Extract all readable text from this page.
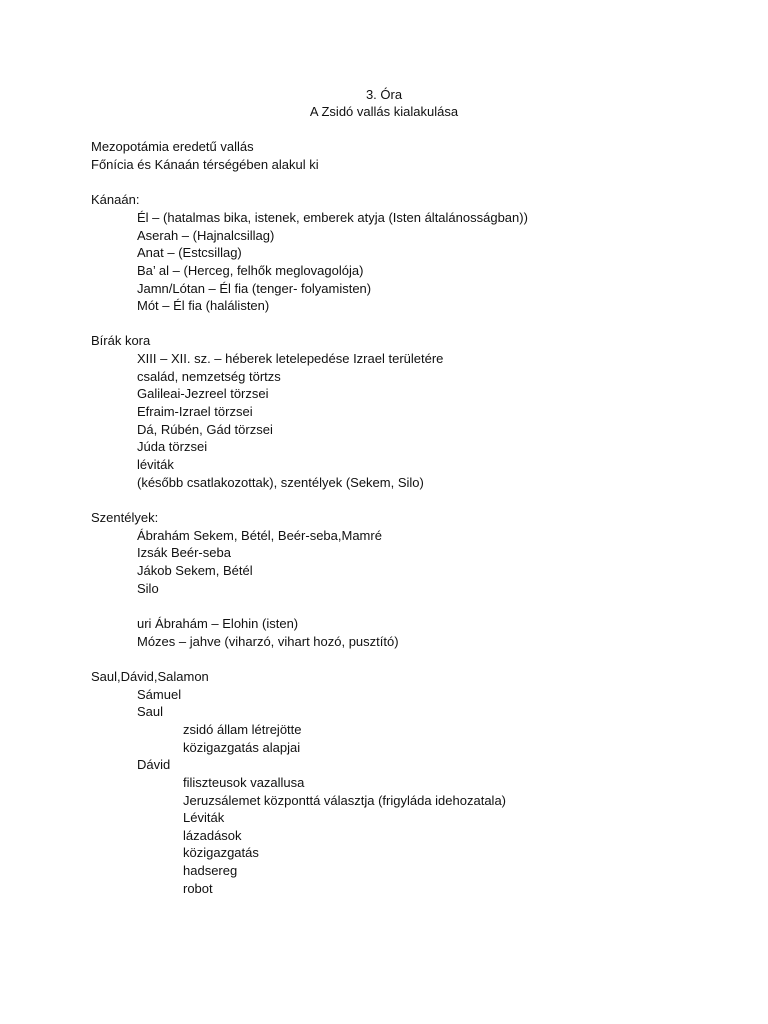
3. Óra
A Zsidó vallás kialakulása
Mezopotámia eredetű vallás
Főnícia és Kánaán térségében alakul ki
Kánaán:
Él – (hatalmas bika, istenek, emberek atyja (Isten általánosságban))
Aserah – (Hajnalcsillag)
Anat – (Estcsillag)
Ba’ al – (Herceg, felhők meglovagolója)
Jamn/Lótan – Él fia (tenger- folyamisten)
Mót – Él fia (halálisten)
Bírák kora
XIII – XII. sz. – héberek letelepedése Izrael területére
család, nemzetség törtzs
Galileai-Jezreel törzsei
Efraim-Izrael törzsei
Dá, Rúbén, Gád törzsei
Júda törzsei
léviták
(később csatlakozottak), szentélyek (Sekem, Silo)
Szentélyek:
Ábrahám Sekem, Bétél, Beér-seba,Mamré
Izsák Beér-seba
Jákob Sekem, Bétél
Silo
uri Ábrahám – Elohin (isten)
Mózes – jahve (viharzó, vihart hozó, pusztító)
Saul,Dávid,Salamon
Sámuel
Saul
zsidó állam létrejötte
közigazgatás alapjai
Dávid
filiszteusok vazallusa
Jeruzsálemet központtá választja (frigyláda idehozatala)
Léviták
lázadások
közigazgatás
hadsereg
robot
